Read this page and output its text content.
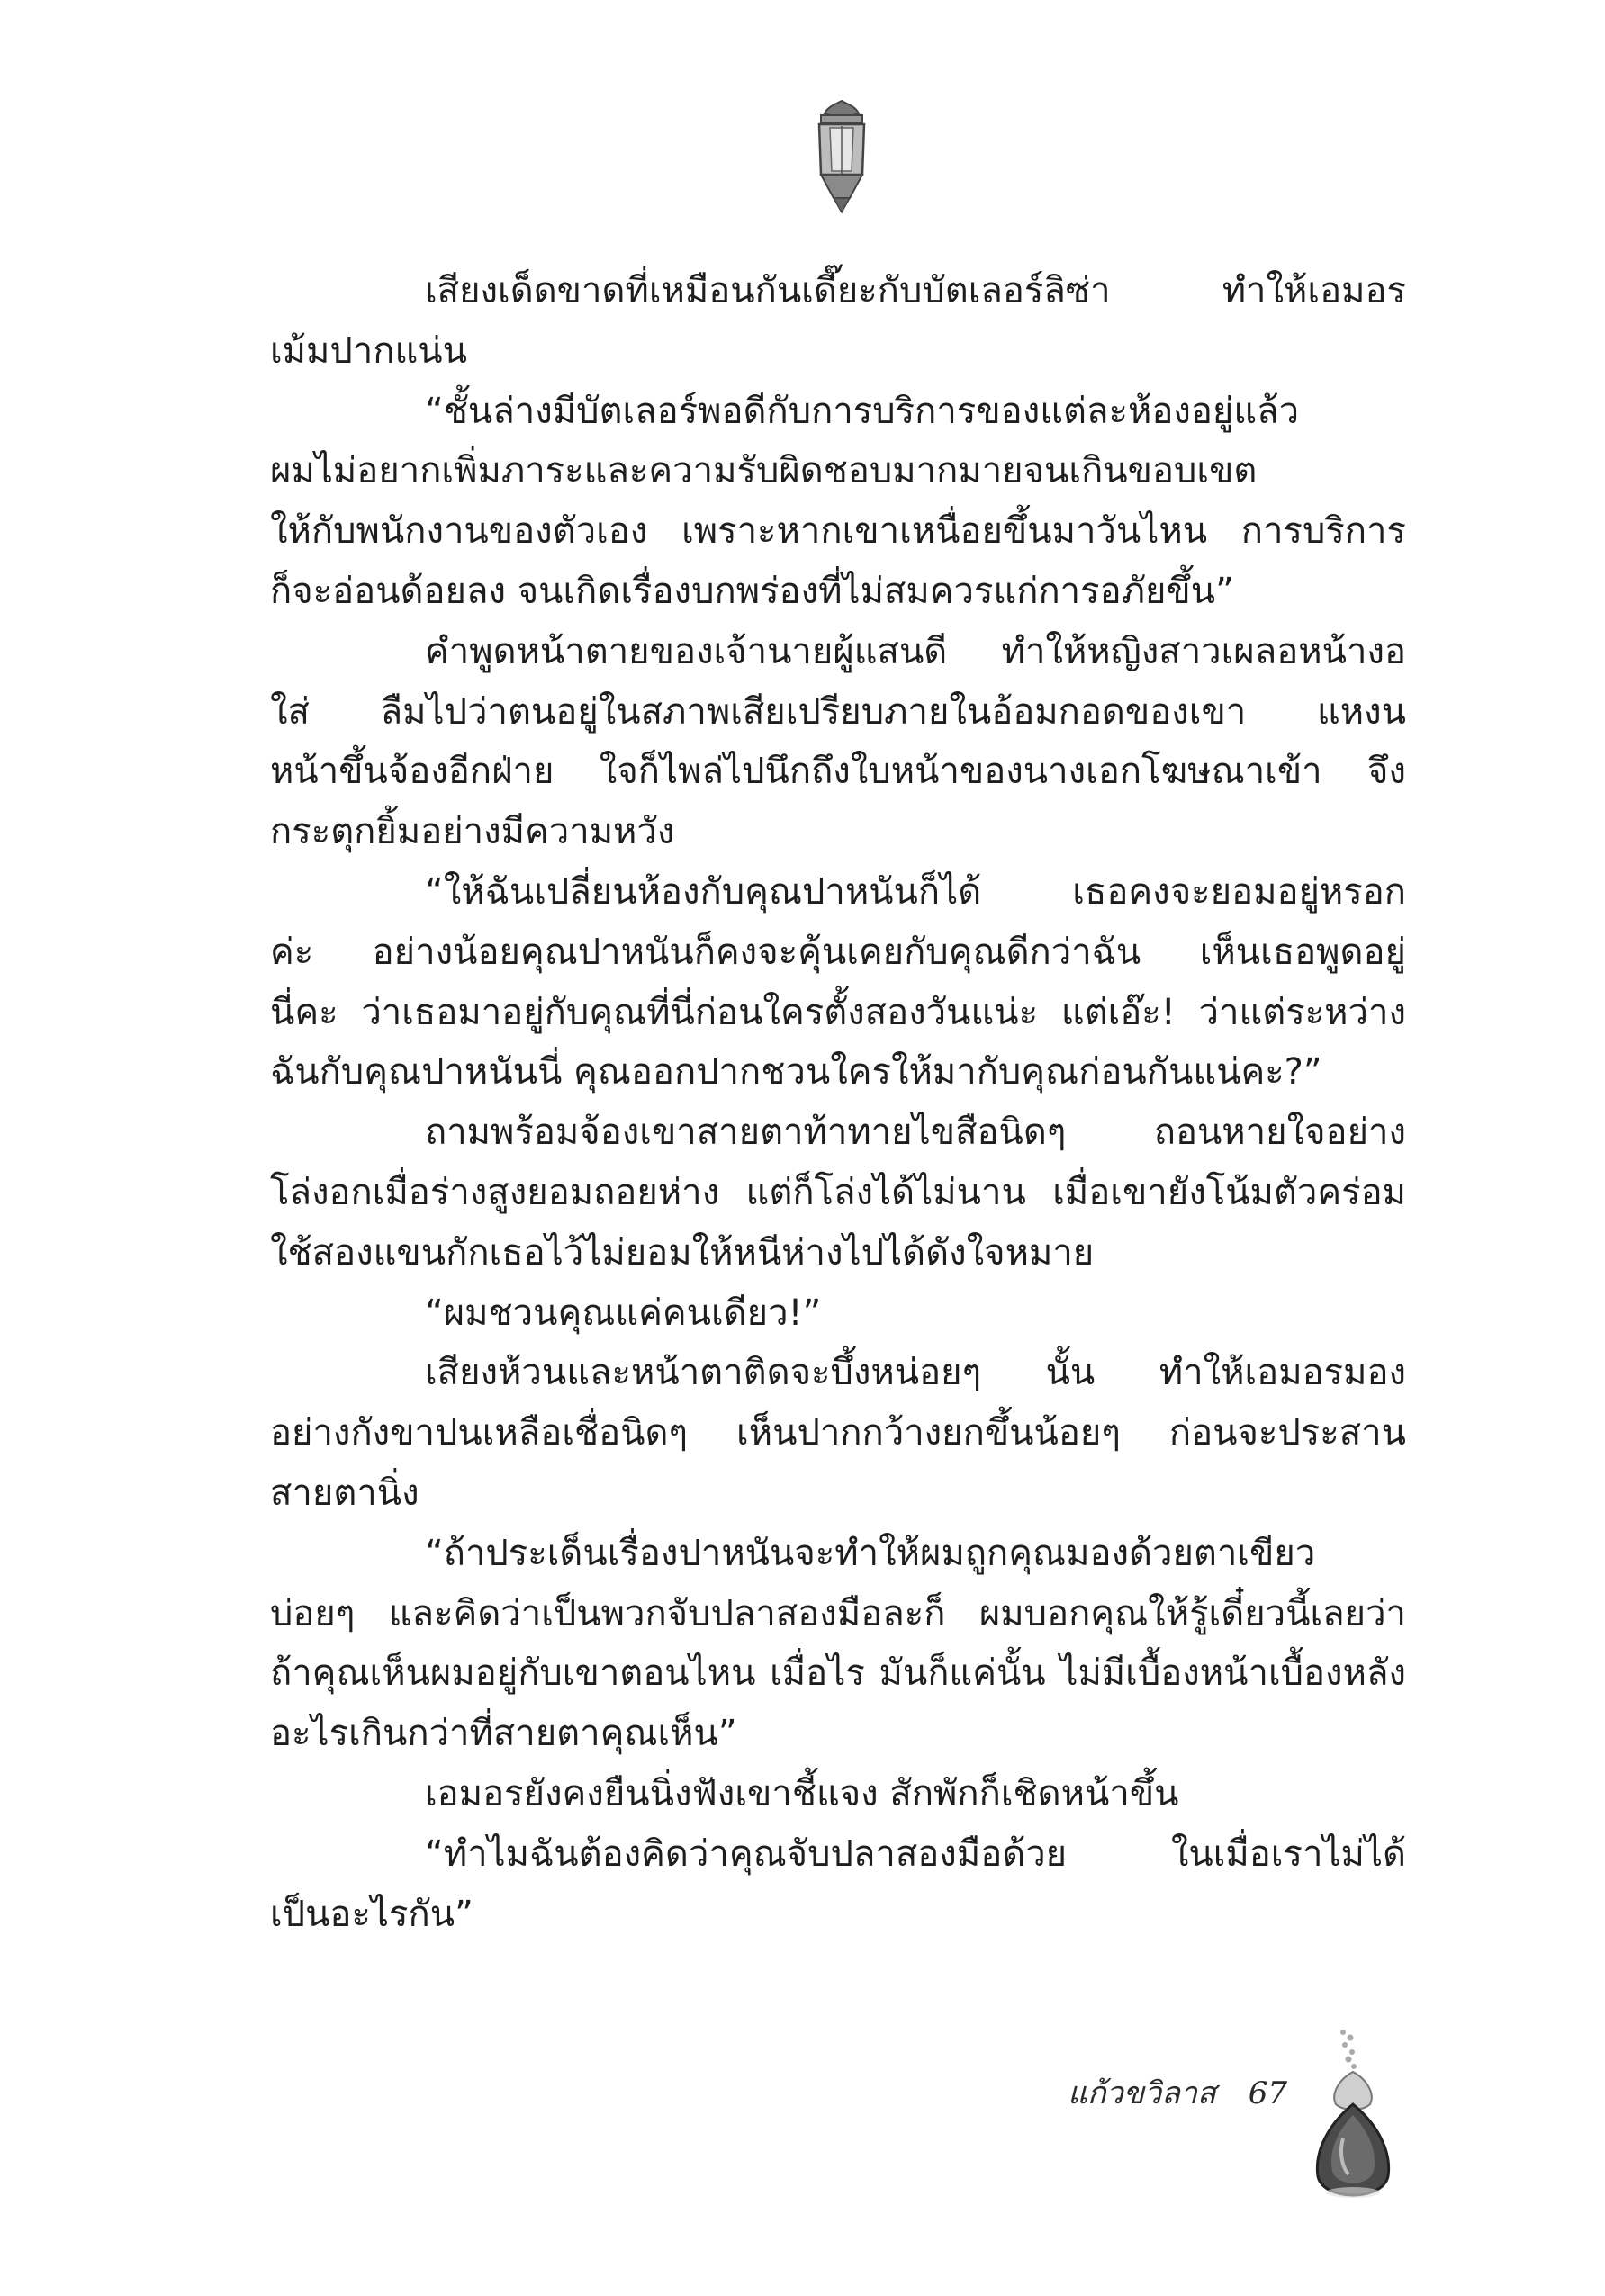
เสียงเด็ดขาดที่เหมือนกันเดี๊ยะกับบัตเลอร์ลิซ่า ทำให้เอมอร
เม้มปากแน่น
“ชั้นล่างมีบัตเลอร์พอดีกับการบริการของแต่ละห้องอยู่แล้ว
ผมไม่อยากเพิ่มภาระและความรับผิดชอบมากมายจนเกินขอบเขต
ให้กับพนักงานของตัวเอง เพราะหากเขาเหนื่อยขึ้นมาวันไหน การบริการ
ก็จะอ่อนด้อยลง จนเกิดเรื่องบกพร่องที่ไม่สมควรแก่การอภัยขึ้น”
คำพูดหน้าตายของเจ้านายผู้แสนดี ทำให้หญิงสาวเผลอหน้างอ
ใส่ ลืมไปว่าตนอยู่ในสภาพเสียเปรียบภายในอ้อมกอดของเขา แหงน
หน้าขึ้นจ้องอีกฝ่าย ใจก็ไพล่ไปนึกถึงใบหน้าของนางเอกโฆษณาเข้า จึง
กระตุกยิ้มอย่างมีความหวัง
“ให้ฉันเปลี่ยนห้องกับคุณปาหนันก็ได้ เธอคงจะยอมอยู่หรอก
ค่ะ อย่างน้อยคุณปาหนันก็คงจะคุ้นเคยกับคุณดีกว่าฉัน เห็นเธอพูดอยู่
นี่คะ ว่าเธอมาอยู่กับคุณที่นี่ก่อนใครตั้งสองวันแน่ะ แต่เอ๊ะ! ว่าแต่ระหว่าง
ฉันกับคุณปาหนันนี่ คุณออกปากชวนใครให้มากับคุณก่อนกันแน่คะ?”
ถามพร้อมจ้องเขาสายตาท้าทายไขสือนิดๆ ถอนหายใจอย่าง
โล่งอกเมื่อร่างสูงยอมถอยห่าง แต่ก็โล่งได้ไม่นาน เมื่อเขายังโน้มตัวคร่อม
ใช้สองแขนกักเธอไว้ไม่ยอมให้หนีห่างไปได้ดังใจหมาย
“ผมชวนคุณแค่คนเดียว!”
เสียงห้วนและหน้าตาติดจะบึ้งหน่อยๆ นั้น ทำให้เอมอรมอง
อย่างกังขาปนเหลือเชื่อนิดๆ เห็นปากกว้างยกขึ้นน้อยๆ ก่อนจะประสาน
สายตานิ่ง
“ถ้าประเด็นเรื่องปาหนันจะทำให้ผมถูกคุณมองด้วยตาเขียว
บ่อยๆ และคิดว่าเป็นพวกจับปลาสองมือละก็ ผมบอกคุณให้รู้เดี๋ยวนี้เลยว่า
ถ้าคุณเห็นผมอยู่กับเขาตอนไหน เมื่อไร มันก็แค่นั้น ไม่มีเบื้องหน้าเบื้องหลัง
อะไรเกินกว่าที่สายตาคุณเห็น”
เอมอรยังคงยืนนิ่งฟังเขาชี้แจง สักพักก็เชิดหน้าขึ้น
“ทำไมฉันต้องคิดว่าคุณจับปลาสองมือด้วย ในเมื่อเราไม่ได้
เป็นอะไรกัน”
แก้วขวิลาส 67
